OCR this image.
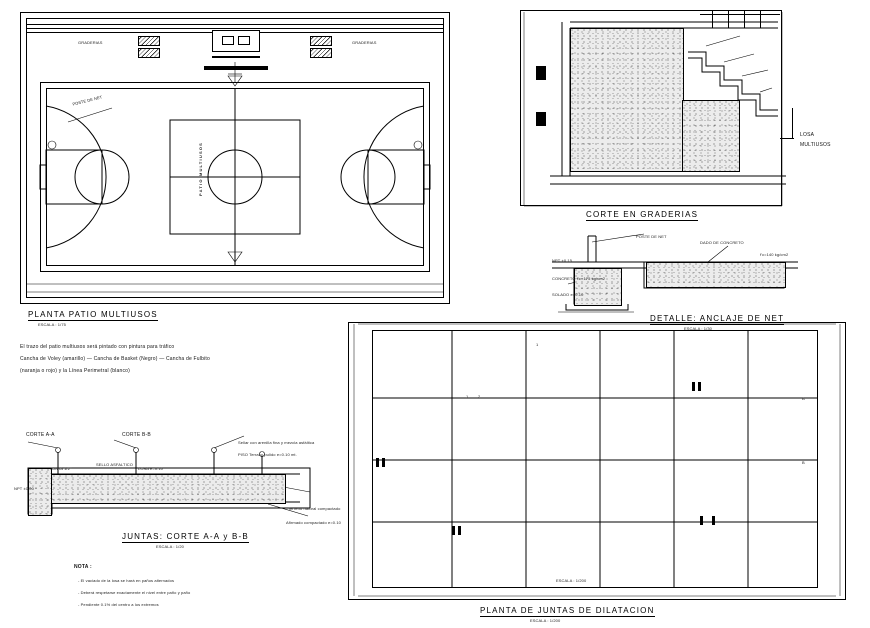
GRADERIAS	GRADERIAS
PATIO MULTIUSOS
POSTE DE NET
PLANTA PATIO MULTIUSOS
ESCALA : 1/75
El trazo del patio multiusos será pintado con pintura para tráfico
Cancha de Voley (amarillo) — Cancha de Basket (Negro) — Cancha de Fulbito
(naranja o rojo) y la Línea Perimetral (blanco)
LOSA
MULTIUSOS
CORTE EN GRADERIAS
POSTE DE NET
DADO DE CONCRETO
f'c=140 kg/cm2
NPT +0.15
CONCRETO f'c=175 kg/cm2
SOLADO e=0.10
DETALLE: ANCLAJE DE NET
ESCALA : 1/30
CORTE A-A	CORTE B-B
JUNTA 1/2"	LOSA e=0.10
Sellar con arenilla fina y mezcla asfáltica
PISO Terrazo pulido e=0.10 mt.
NPT ±0.00
Terreno natural compactado
Afirmado compactado e=0.10
SELLO ASFALTICO
JUNTAS: CORTE A-A y B-B
ESCALA : 1/20
NOTA :
- El vaciado de la losa se hará en paños alternados
- Deberá respetarse exactamente el nivel entre paño y paño
- Pendiente 0.1% del centro a los extremos
A
B
1 2
1
ESCALA : 1/200
PLANTA DE JUNTAS DE DILATACION
ESCALA : 1/200
